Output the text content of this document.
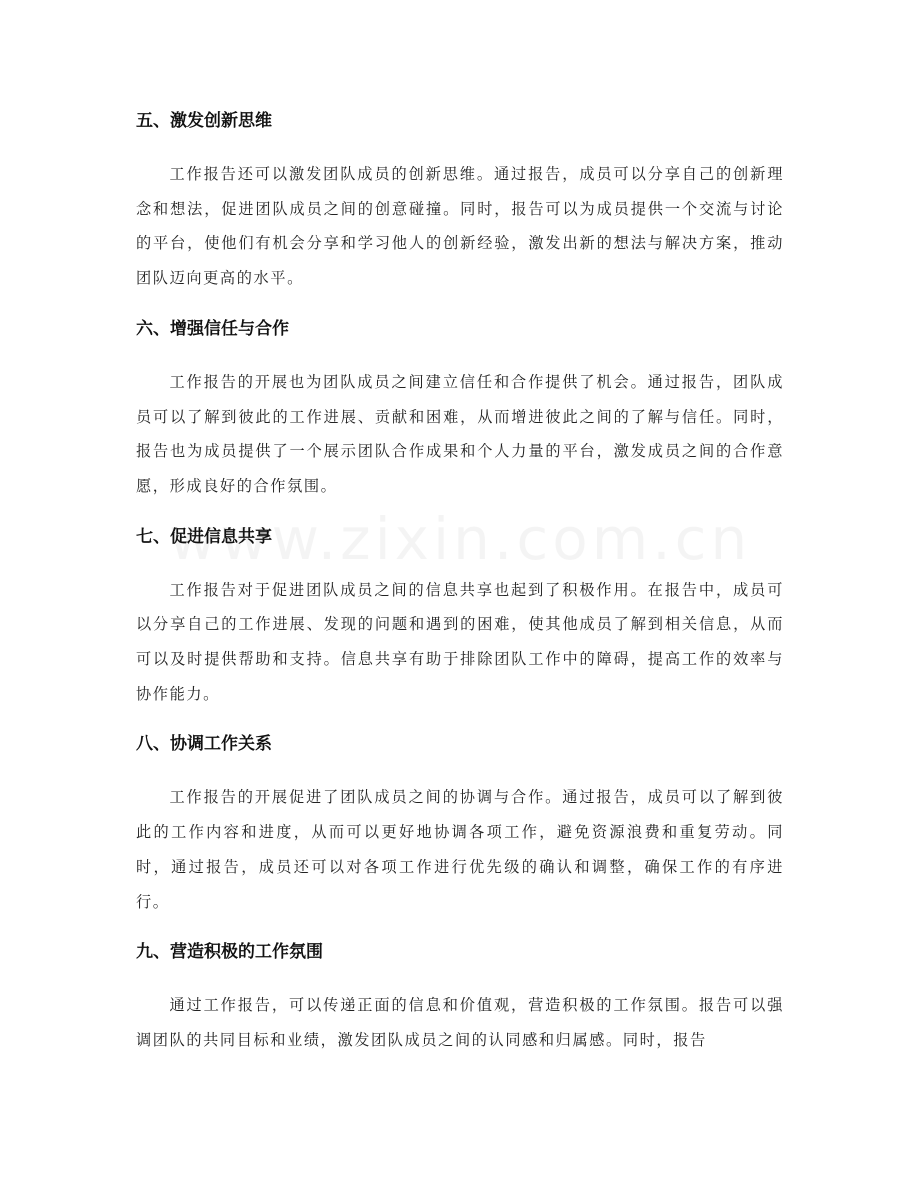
五、激发创新思维

工作报告还可以激发团队成员的创新思维。通过报告，成员可以分享自己的创新理念和想法，促进团队成员之间的创意碰撞。同时，报告可以为成员提供一个交流与讨论的平台，使他们有机会分享和学习他人的创新经验，激发出新的想法与解决方案，推动团队迈向更高的水平。

六、增强信任与合作

工作报告的开展也为团队成员之间建立信任和合作提供了机会。通过报告，团队成员可以了解到彼此的工作进展、贡献和困难，从而增进彼此之间的了解与信任。同时，报告也为成员提供了一个展示团队合作成果和个人力量的平台，激发成员之间的合作意愿，形成良好的合作氛围。

七、促进信息共享

工作报告对于促进团队成员之间的信息共享也起到了积极作用。在报告中，成员可以分享自己的工作进展、发现的问题和遇到的困难，使其他成员了解到相关信息，从而可以及时提供帮助和支持。信息共享有助于排除团队工作中的障碍，提高工作的效率与协作能力。

八、协调工作关系

工作报告的开展促进了团队成员之间的协调与合作。通过报告，成员可以了解到彼此的工作内容和进度，从而可以更好地协调各项工作，避免资源浪费和重复劳动。同时，通过报告，成员还可以对各项工作进行优先级的确认和调整，确保工作的有序进行。

九、营造积极的工作氛围

通过工作报告，可以传递正面的信息和价值观，营造积极的工作氛围。报告可以强调团队的共同目标和业绩，激发团队成员之间的认同感和归属感。同时，报告
